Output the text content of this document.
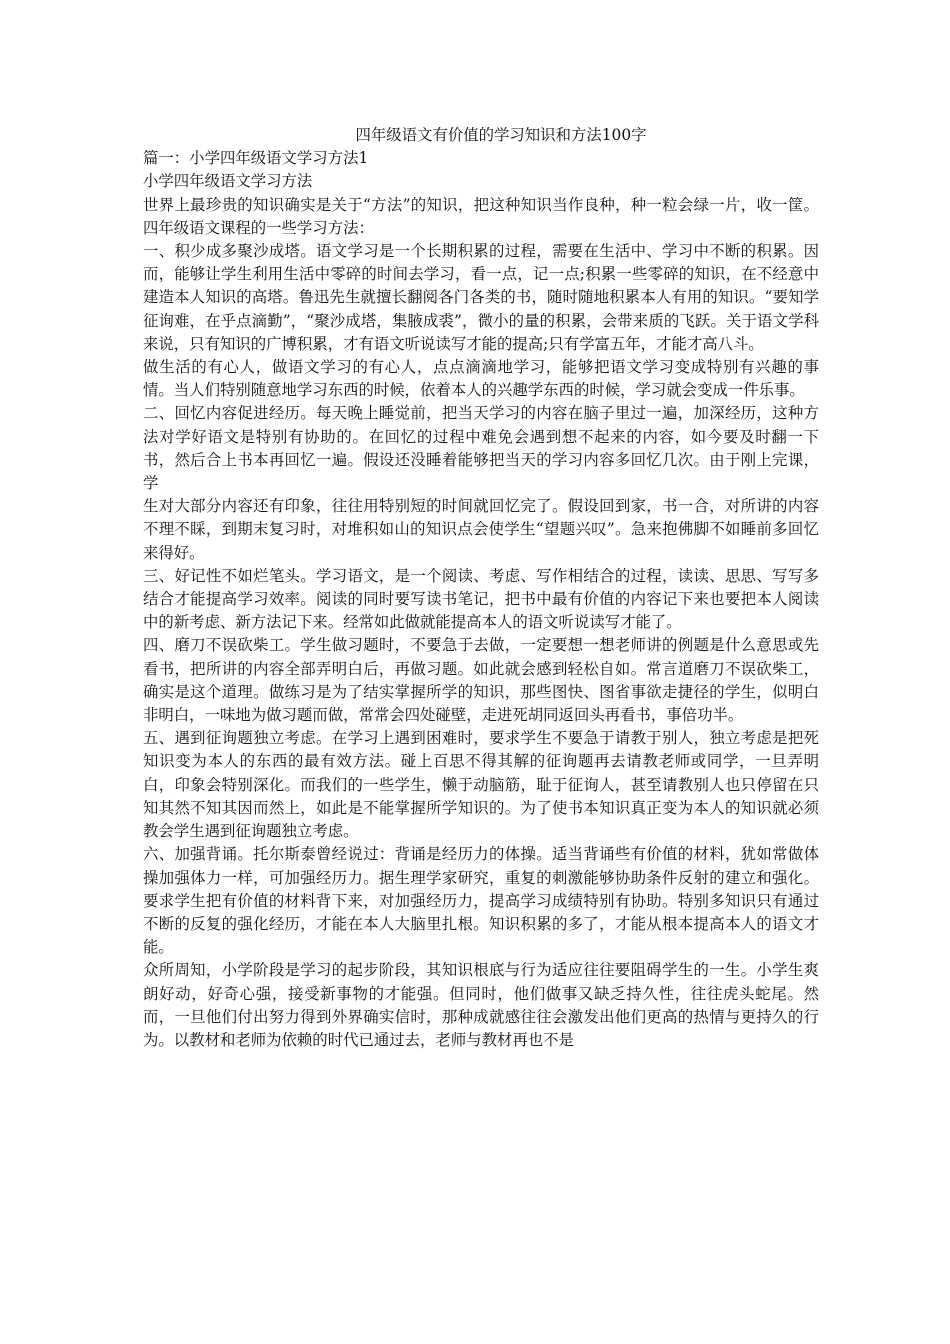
四年级语文有价值的学习知识和方法100字

篇一：小学四年级语文学习方法1

小学四年级语文学习方法

世界上最珍贵的知识确实是关于“方法”的知识，把这种知识当作良种，种一粒会绿一片，收一筐。四年级语文课程的一些学习方法：

一、积少成多聚沙成塔。语文学习是一个长期积累的过程，需要在生活中、学习中不断的积累。因而，能够让学生利用生活中零碎的时间去学习，看一点，记一点;积累一些零碎的知识，在不经意中建造本人知识的高塔。鲁迅先生就擅长翻阅各门各类的书，随时随地积累本人有用的知识。“要知学征询难，在乎点滴勤”，“聚沙成塔，集腋成裘”，微小的量的积累，会带来质的飞跃。关于语文学科来说，只有知识的广博积累，才有语文听说读写才能的提高;只有学富五年，才能才高八斗。

做生活的有心人，做语文学习的有心人，点点滴滴地学习，能够把语文学习变成特别有兴趣的事情。当人们特别随意地学习东西的时候，依着本人的兴趣学东西的时候，学习就会变成一件乐事。

二、回忆内容促进经历。每天晚上睡觉前，把当天学习的内容在脑子里过一遍，加深经历，这种方法对学好语文是特别有协助的。在回忆的过程中难免会遇到想不起来的内容，如今要及时翻一下书，然后合上书本再回忆一遍。假设还没睡着能够把当天的学习内容多回忆几次。由于刚上完课，学

生对大部分内容还有印象，往往用特别短的时间就回忆完了。假设回到家，书一合，对所讲的内容不理不睬，到期末复习时，对堆积如山的知识点会使学生“望题兴叹”。急来抱佛脚不如睡前多回忆来得好。

三、好记性不如烂笔头。学习语文，是一个阅读、考虑、写作相结合的过程，读读、思思、写写多结合才能提高学习效率。阅读的同时要写读书笔记，把书中最有价值的内容记下来也要把本人阅读中的新考虑、新方法记下来。经常如此做就能提高本人的语文听说读写才能了。

四、磨刀不误砍柴工。学生做习题时，不要急于去做，一定要想一想老师讲的例题是什么意思或先看书，把所讲的内容全部弄明白后，再做习题。如此就会感到轻松自如。常言道磨刀不误砍柴工，确实是这个道理。做练习是为了结实掌握所学的知识，那些图快、图省事欲走捷径的学生，似明白非明白，一味地为做习题而做，常常会四处碰壁，走进死胡同返回头再看书，事倍功半。

五、遇到征询题独立考虑。在学习上遇到困难时，要求学生不要急于请教于别人，独立考虑是把死知识变为本人的东西的最有效方法。碰上百思不得其解的征询题再去请教老师或同学，一旦弄明白，印象会特别深化。而我们的一些学生，懒于动脑筋，耻于征询人，甚至请教别人也只停留在只知其然不知其因而然上，如此是不能掌握所学知识的。为了使书本知识真正变为本人的知识就必须教会学生遇到征询题独立考虑。

六、加强背诵。托尔斯泰曾经说过：背诵是经历力的体操。适当背诵些有价值的材料，犹如常做体操加强体力一样，可加强经历力。据生理学家研究，重复的刺激能够协助条件反射的建立和强化。要求学生把有价值的材料背下来，对加强经历力，提高学习成绩特别有协助。特别多知识只有通过不断的反复的强化经历，才能在本人大脑里扎根。知识积累的多了，才能从根本提高本人的语文才能。

众所周知，小学阶段是学习的起步阶段，其知识根底与行为适应往往要阻碍学生的一生。小学生爽朗好动，好奇心强，接受新事物的才能强。但同时，他们做事又缺乏持久性，往往虎头蛇尾。然而，一旦他们付出努力得到外界确实信时，那种成就感往往会激发出他们更高的热情与更持久的行为。以教材和老师为依赖的时代已通过去，老师与教材再也不是
